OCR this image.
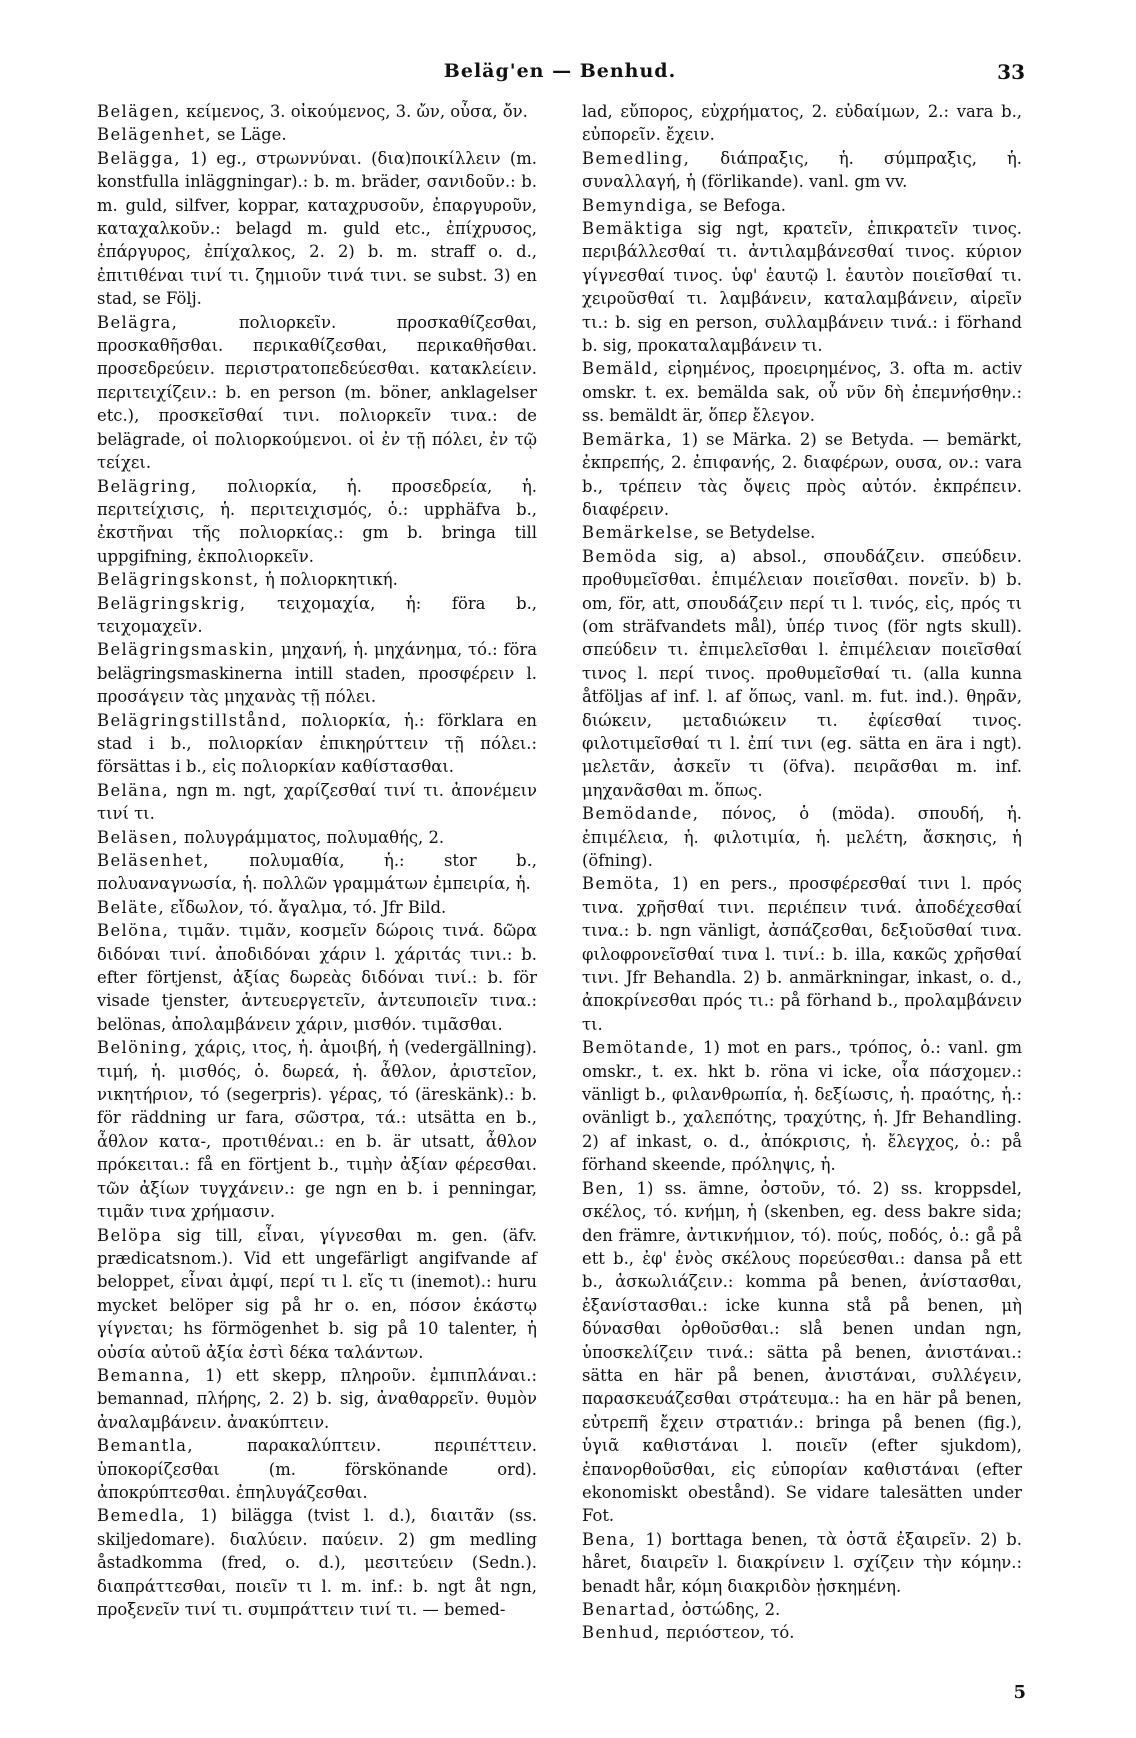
Beläg'en — Benhud.	33

Belägen, κείμενος, 3. οἰκούμενος, 3. ὤν, οὖσα, ὄν.

Belägenhet, se Läge.

Belägga, 1) eg., στρωννύναι. (δια)ποικίλλειν (m. konstfulla inläggningar).: b. m. bräder, σανιδοῦν.: b. m. guld, silfver, koppar, καταχρυσοῦν, ἐπαργυροῦν, καταχαλκοῦν.: belagd m. guld etc., ἐπίχρυσος, ἐπάργυρος, ἐπίχαλκος, 2. 2) b. m. straff o. d., ἐπιτιθέναι τινί τι. ζημιοῦν τινά τινι. se subst. 3) en stad, se Följ.

Belägra, πολιορκεῖν. προσκαθίζεσθαι, προσκαθῆσθαι. περικαθίζεσθαι, περικαθῆσθαι. προσεδρεύειν. περιστρατοπεδεύεσθαι. κατακλείειν. περιτειχίζειν.: b. en person (m. böner, anklagelser etc.), προσκεῖσθαί τινι. πολιορκεῖν τινα.: de belägrade, οἱ πολιορκούμενοι. οἱ ἐν τῇ πόλει, ἐν τῷ τείχει.

Belägring, πολιορκία, ἡ. προσεδρεία, ἡ. περιτείχισις, ἡ. περιτειχισμός, ὁ.: upphäfva b., ἐκστῆναι τῆς πολιορκίας.: gm b. bringa till uppgifning, ἐκπολιορκεῖν.

Belägringskonst, ἡ πολιορκητική.

Belägringskrig, τειχομαχία, ἡ: föra b., τειχομαχεῖν.

Belägringsmaskin, μηχανή, ἡ. μηχάνημα, τό.: föra belägringsmaskinerna intill staden, προσφέρειν l. προσάγειν τὰς μηχανὰς τῇ πόλει.

Belägringstillstånd, πολιορκία, ἡ.: förklara en stad i b., πολιορκίαν ἐπικηρύττειν τῇ πόλει.: försättas i b., εἰς πολιορκίαν καθίστασθαι.

Beläna, ngn m. ngt, χαρίζεσθαί τινί τι. ἀπονέμειν τινί τι.

Beläsen, πολυγράμματος, πολυμαθής, 2.

Beläsenhet, πολυμαθία, ἡ.: stor b., πολυαναγνωσία, ἡ. πολλῶν γραμμάτων ἐμπειρία, ἡ.

Beläte, εἴδωλον, τό. ἄγαλμα, τό. Jfr Bild.

Belöna, τιμᾶν. τιμᾶν, κοσμεῖν δώροις τινά. δῶρα διδόναι τινί. ἀποδιδόναι χάριν l. χάριτάς τινι.: b. efter förtjenst, ἀξίας δωρεὰς διδόναι τινί.: b. för visade tjenster, ἀντευεργετεῖν, ἀντευποιεῖν τινα.: belönas, ἀπολαμβάνειν χάριν, μισθόν. τιμᾶσθαι.

Belöning, χάρις, ιτος, ἡ. ἀμοιβή, ἡ (vedergällning). τιμή, ἡ. μισθός, ὁ. δωρεά, ἡ. ἆθλον, ἀριστεῖον, νικητήριον, τό (segerpris). γέρας, τό (äreskänk).: b. för räddning ur fara, σῶστρα, τά.: utsätta en b., ἆθλον κατα-, προτιθέναι.: en b. är utsatt, ἆθλον πρόκειται.: få en förtjent b., τιμὴν ἀξίαν φέρεσθαι. τῶν ἀξίων τυγχάνειν.: ge ngn en b. i penningar, τιμᾶν τινα χρήμασιν.

Belöpa sig till, εἶναι, γίγνεσθαι m. gen. (äfv. prædicatsnom.). Vid ett ungefärligt angifvande af beloppet, εἶναι ἀμφί, περί τι l. εἴς τι (inemot).: huru mycket belöper sig på hr o. en, πόσον ἑκάστῳ γίγνεται; hs förmögenhet b. sig på 10 talenter, ἡ οὐσία αὐτοῦ ἀξία ἐστὶ δέκα ταλάντων.

Bemanna, 1) ett skepp, πληροῦν. ἐμπιπλάναι.: bemannad, πλήρης, 2. 2) b. sig, ἀναθαρρεῖν. θυμὸν ἀναλαμβάνειν. ἀνακύπτειν.

Bemantla, παρακαλύπτειν. περιπέττειν. ὑποκορίζεσθαι (m. förskönande ord). ἀποκρύπτεσθαι. ἐπηλυγάζεσθαι.

Bemedla, 1) bilägga (tvist l. d.), διαιτᾶν (ss. skiljedomare). διαλύειν. παύειν. 2) gm medling åstadkomma (fred, o. d.), μεσιτεύειν (Sedn.). διαπράττεσθαι, ποιεῖν τι l. m. inf.: b. ngt åt ngn, προξενεῖν τινί τι. συμπράττειν τινί τι. — bemed-

lad, εὔπορος, εὐχρήματος, 2. εὐδαίμων, 2.: vara b., εὐπορεῖν. ἔχειν.

Bemedling, διάπραξις, ἡ. σύμπραξις, ἡ. συναλλαγή, ἡ (förlikande). vanl. gm vv.

Bemyndiga, se Befoga.

Bemäktiga sig ngt, κρατεῖν, ἐπικρατεῖν τινος. περιβάλλεσθαί τι. ἀντιλαμβάνεσθαί τινος. κύριον γίγνεσθαί τινος. ὑφ' ἑαυτῷ l. ἑαυτὸν ποιεῖσθαί τι. χειροῦσθαί τι. λαμβάνειν, καταλαμβάνειν, αἱρεῖν τι.: b. sig en person, συλλαμβάνειν τινά.: i förhand b. sig, προκαταλαμβάνειν τι.

Bemäld, εἰρημένος, προειρημένος, 3. ofta m. activ omskr. t. ex. bemälda sak, οὗ νῦν δὴ ἐπεμνήσθην.: ss. bemäldt är, ὅπερ ἔλεγον.

Bemärka, 1) se Märka. 2) se Betyda. — bemärkt, ἐκπρεπής, 2. ἐπιφανής, 2. διαφέρων, ουσα, ον.: vara b., τρέπειν τὰς ὄψεις πρὸς αὐτόν. ἐκπρέπειν. διαφέρειν.

Bemärkelse, se Betydelse.

Bemöda sig, a) absol., σπουδάζειν. σπεύδειν. προθυμεῖσθαι. ἐπιμέλειαν ποιεῖσθαι. πονεῖν. b) b. om, för, att, σπουδάζειν περί τι l. τινός, εἰς, πρός τι (om sträfvandets mål), ὑπέρ τινος (för ngts skull). σπεύδειν τι. ἐπιμελεῖσθαι l. ἐπιμέλειαν ποιεῖσθαί τινος l. περί τινος. προθυμεῖσθαί τι. (alla kunna åtföljas af inf. l. af ὅπως, vanl. m. fut. ind.). θηρᾶν, διώκειν, μεταδιώκειν τι. ἐφίεσθαί τινος. φιλοτιμεῖσθαί τι l. ἐπί τινι (eg. sätta en ära i ngt). μελετᾶν, ἀσκεῖν τι (öfva). πειρᾶσθαι m. inf. μηχανᾶσθαι m. ὅπως.

Bemödande, πόνος, ὁ (möda). σπουδή, ἡ. ἐπιμέλεια, ἡ. φιλοτιμία, ἡ. μελέτη, ἄσκησις, ἡ (öfning).

Bemöta, 1) en pers., προσφέρεσθαί τινι l. πρός τινα. χρῆσθαί τινι. περιέπειν τινά. ἀποδέχεσθαί τινα.: b. ngn vänligt, ἀσπάζεσθαι, δεξιοῦσθαί τινα. φιλοφρονεῖσθαί τινα l. τινί.: b. illa, κακῶς χρῆσθαί τινι. Jfr Behandla. 2) b. anmärkningar, inkast, o. d., ἀποκρίνεσθαι πρός τι.: på förhand b., προλαμβάνειν τι.

Bemötande, 1) mot en pars., τρόπος, ὁ.: vanl. gm omskr., t. ex. hkt b. röna vi icke, οἷα πάσχομεν.: vänligt b., φιλανθρωπία, ἡ. δεξίωσις, ἡ. πραότης, ἡ.: ovänligt b., χαλεπότης, τραχύτης, ἡ. Jfr Behandling. 2) af inkast, o. d., ἀπόκρισις, ἡ. ἔλεγχος, ὁ.: på förhand skeende, πρόληψις, ἡ.

Ben, 1) ss. ämne, ὀστοῦν, τό. 2) ss. kroppsdel, σκέλος, τό. κνήμη, ἡ (skenben, eg. dess bakre sida; den främre, ἀντικνήμιον, τό). πούς, ποδός, ὁ.: gå på ett b., ἐφ' ἑνὸς σκέλους πορεύεσθαι.: dansa på ett b., ἀσκωλιάζειν.: komma på benen, ἀνίστασθαι, ἐξανίστασθαι.: icke kunna stå på benen, μὴ δύνασθαι ὀρθοῦσθαι.: slå benen undan ngn, ὑποσκελίζειν τινά.: sätta på benen, ἀνιστάναι.: sätta en här på benen, ἀνιστάναι, συλλέγειν, παρασκευάζεσθαι στράτευμα.: ha en här på benen, εὐτρεπῆ ἔχειν στρατιάν.: bringa på benen (fig.), ὑγιᾶ καθιστάναι l. ποιεῖν (efter sjukdom), ἐπανορθοῦσθαι, εἰς εὐπορίαν καθιστάναι (efter ekonomiskt obestånd). Se vidare talesätten under Fot.

Bena, 1) borttaga benen, τὰ ὀστᾶ ἐξαιρεῖν. 2) b. håret, διαιρεῖν l. διακρίνειν l. σχίζειν τὴν κόμην.: benadt hår, κόμη διακριδὸν ᾐσκημένη.

Benartad, ὀστώδης, 2.

Benhud, περιόστεον, τό.

5
